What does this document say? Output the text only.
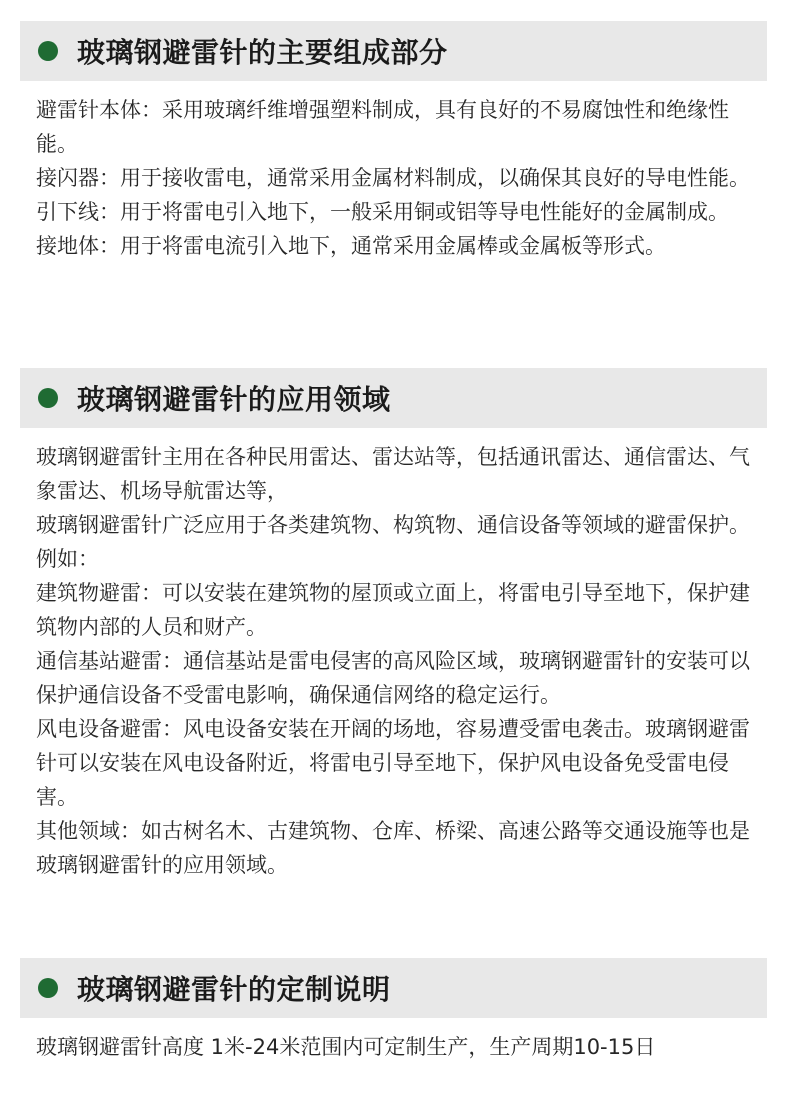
玻璃钢避雷针的主要组成部分

避雷针本体：采用玻璃纤维增强塑料制成，具有良好的不易腐蚀性和绝缘性能。

接闪器：用于接收雷电，通常采用金属材料制成，以确保其良好的导电性能。

引下线：用于将雷电引入地下，一般采用铜或铝等导电性能好的金属制成。

接地体：用于将雷电流引入地下，通常采用金属棒或金属板等形式。

玻璃钢避雷针的应用领域

玻璃钢避雷针主用在各种民用雷达、雷达站等，包括通讯雷达、通信雷达、气象雷达、机场导航雷达等，

玻璃钢避雷针广泛应用于各类建筑物、构筑物、通信设备等领域的避雷保护。

例如：

建筑物避雷：可以安装在建筑物的屋顶或立面上，将雷电引导至地下，保护建筑物内部的人员和财产。

通信基站避雷：通信基站是雷电侵害的高风险区域，玻璃钢避雷针的安装可以保护通信设备不受雷电影响，确保通信网络的稳定运行。

风电设备避雷：风电设备安装在开阔的场地，容易遭受雷电袭击。玻璃钢避雷针可以安装在风电设备附近，将雷电引导至地下，保护风电设备免受雷电侵害。

其他领域：如古树名木、古建筑物、仓库、桥梁、高速公路等交通设施等也是玻璃钢避雷针的应用领域。

玻璃钢避雷针的定制说明

玻璃钢避雷针高度 1米-24米范围内可定制生产，生产周期10-15日
